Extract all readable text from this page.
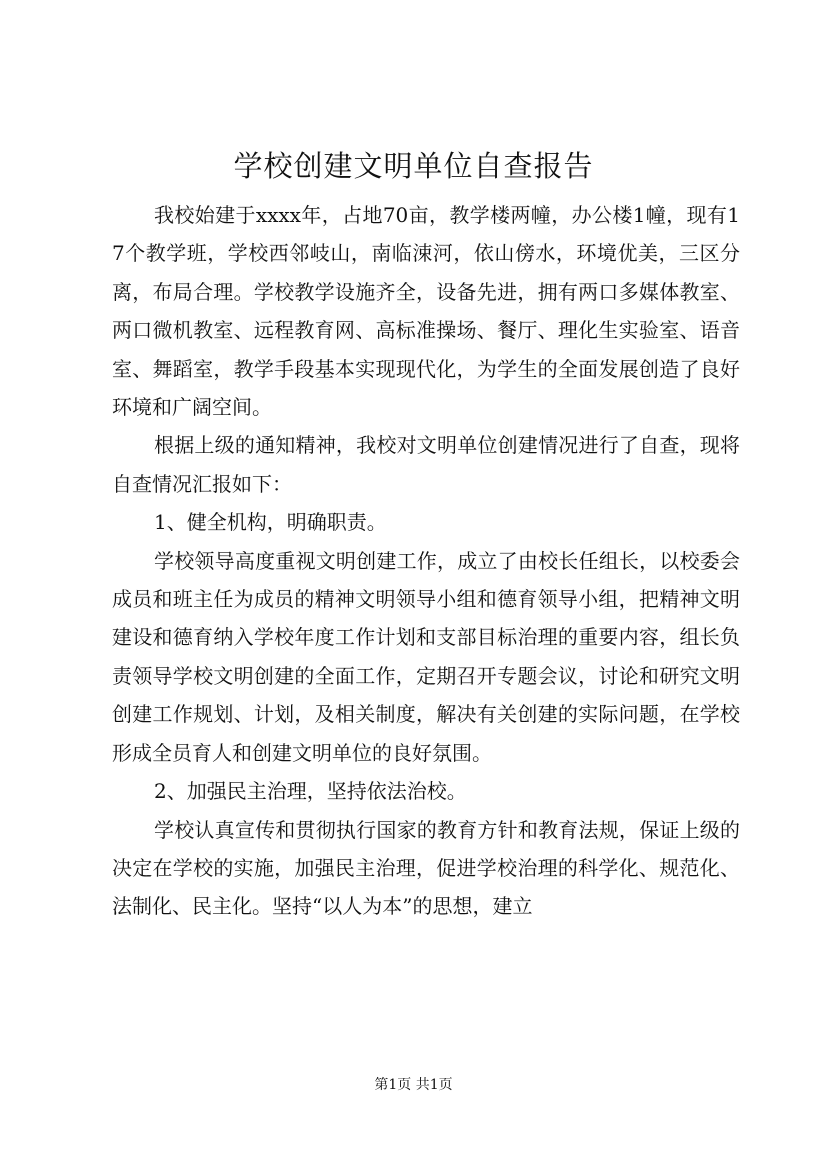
学校创建文明单位自查报告

我校始建于xxxx年，占地70亩，教学楼两幢，办公楼1幢，现有17个教学班，学校西邻岐山，南临涑河，依山傍水，环境优美，三区分离，布局合理。学校教学设施齐全，设备先进，拥有两口多媒体教室、两口微机教室、远程教育网、高标准操场、餐厅、理化生实验室、语音室、舞蹈室，教学手段基本实现现代化，为学生的全面发展创造了良好环境和广阔空间。

根据上级的通知精神，我校对文明单位创建情况进行了自查，现将自查情况汇报如下：

1、健全机构，明确职责。

学校领导高度重视文明创建工作，成立了由校长任组长，以校委会成员和班主任为成员的精神文明领导小组和德育领导小组，把精神文明建设和德育纳入学校年度工作计划和支部目标治理的重要内容，组长负责领导学校文明创建的全面工作，定期召开专题会议，讨论和研究文明创建工作规划、计划，及相关制度，解决有关创建的实际问题，在学校形成全员育人和创建文明单位的良好氛围。

2、加强民主治理，坚持依法治校。

学校认真宣传和贯彻执行国家的教育方针和教育法规，保证上级的决定在学校的实施，加强民主治理，促进学校治理的科学化、规范化、法制化、民主化。坚持“以人为本”的思想，建立

第1页 共1页
